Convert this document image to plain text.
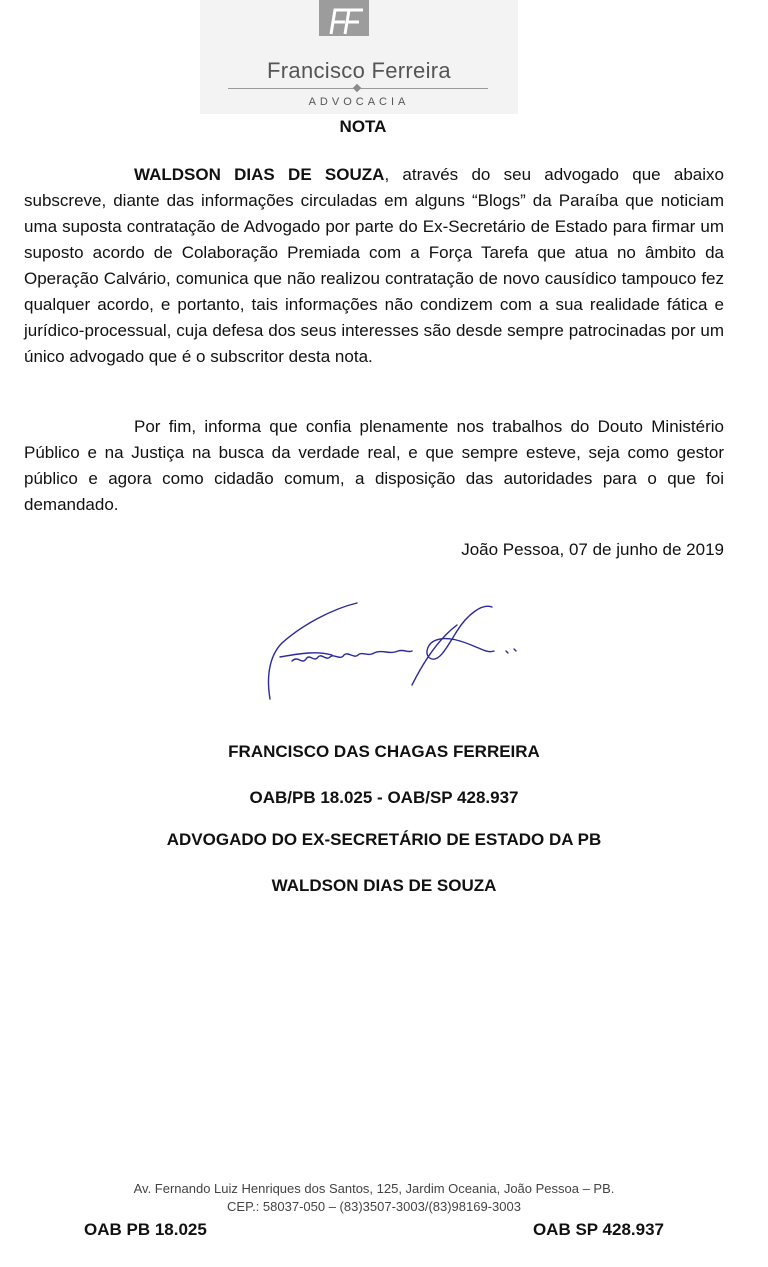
Francisco Ferreira
ADVOCACIA
NOTA

WALDSON DIAS DE SOUZA, através do seu advogado que abaixo subscreve, diante das informações circuladas em alguns “Blogs” da Paraíba que noticiam uma suposta contratação de Advogado por parte do Ex-Secretário de Estado para firmar um suposto acordo de Colaboração Premiada com a Força Tarefa que atua no âmbito da Operação Calvário, comunica que não realizou contratação de novo causídico tampouco fez qualquer acordo, e portanto, tais informações não condizem com a sua realidade fática e jurídico-processual, cuja defesa dos seus interesses são desde sempre patrocinadas por um único advogado que é o subscritor desta nota.

Por fim, informa que confia plenamente nos trabalhos do Douto Ministério Público e na Justiça na busca da verdade real, e que sempre esteve, seja como gestor público e agora como cidadão comum, a disposição das autoridades para o que foi demandado.

João Pessoa, 07 de junho de 2019
FRANCISCO DAS CHAGAS FERREIRA
OAB/PB 18.025 - OAB/SP 428.937
ADVOGADO DO EX-SECRETÁRIO DE ESTADO DA PB
WALDSON DIAS DE SOUZA
Av. Fernando Luiz Henriques dos Santos, 125, Jardim Oceania, João Pessoa – PB.
CEP.: 58037-050 – (83)3507-3003/(83)98169-3003
OAB PB 18.025	OAB SP 428.937
